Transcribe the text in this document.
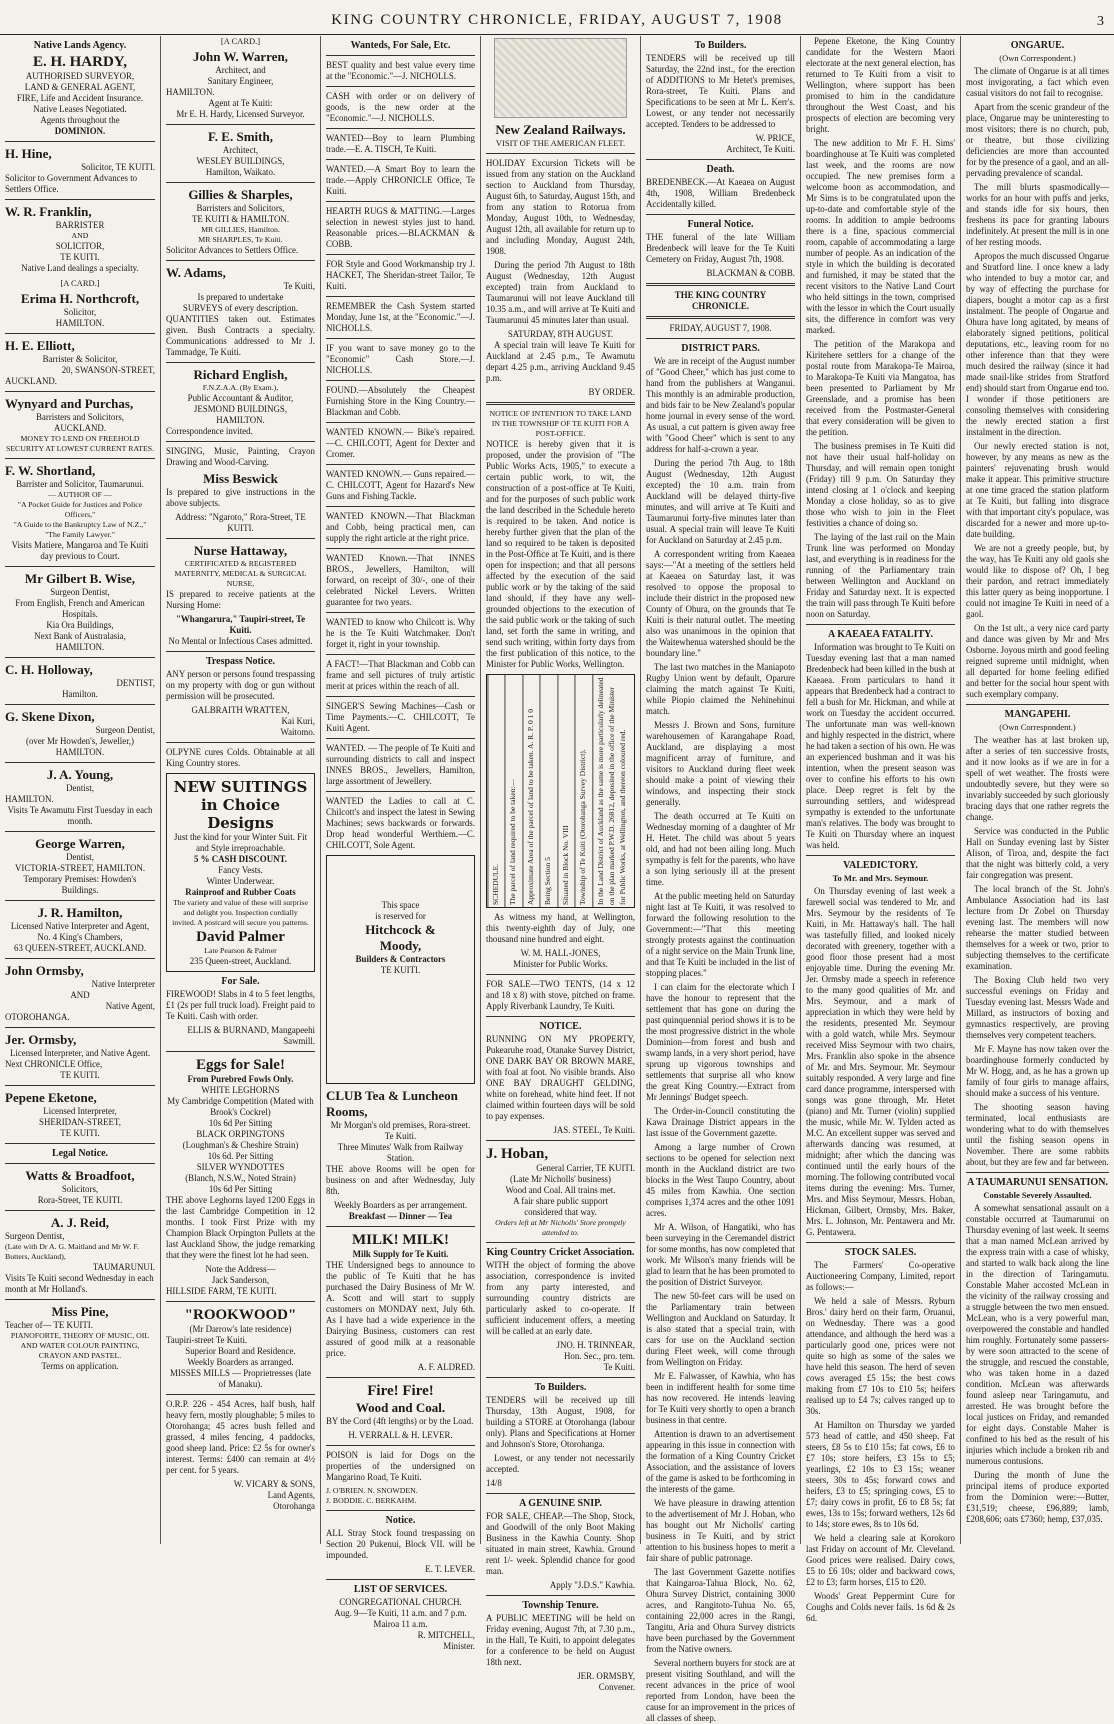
KING COUNTRY CHRONICLE, FRIDAY, AUGUST 7, 1908	3
Native Lands Agency.
E. H. HARDY,
AUTHORISED SURVEYOR,
LAND & GENERAL AGENT,
FIRE, Life and Accident Insurance.
Native Leases Negotiated.
Agents throughout the
DOMINION.
H. Hine,
Solicitor, TE KUITI.
Solicitor to Government Advances to Settlers Office.
W. R. Franklin,
BARRISTER
AND
SOLICITOR,
TE KUITI.
Native Land dealings a specialty.
[A CARD.]
Erima H. Northcroft,
Solicitor,
HAMILTON.
H. E. Elliott,
Barrister & Solicitor,
20, SWANSON-STREET,
AUCKLAND.
Wynyard and Purchas,
Barristers and Solicitors,
AUCKLAND.
MONEY TO LEND ON FREEHOLD SECURITY AT LOWEST CURRENT RATES.
F. W. Shortland,
Barrister and Solicitor, Taumarunui.
— AUTHOR OF —
"A Pocket Guide for Justices and Police Officers,"
"A Guide to the Bankruptcy Law of N.Z.,"
"The Family Lawyer."
Visits Matiere, Mangaroa and Te Kuiti day previous to Court.
Mr Gilbert B. Wise,
Surgeon Dentist,
From English, French and American Hospitals.
Kia Ora Buildings,
Next Bank of Australasia,
HAMILTON.
C. H. Holloway,
DENTIST,
Hamilton.
G. Skene Dixon,
Surgeon Dentist,
(over Mr Howden's, Jeweller,)
HAMILTON.
J. A. Young,
Dentist,
HAMILTON.
Visits Te Awamutu First Tuesday in each month.
George Warren,
Dentist,
VICTORIA-STREET, HAMILTON.
Temporary Premises: Howden's Buildings.
J. R. Hamilton,
Licensed Native Interpreter and Agent,
No. 4 King's Chambers,
63 QUEEN-STREET, AUCKLAND.
John Ormsby,
Native Interpreter
AND
Native Agent,
OTOROHANGA.
Jer. Ormsby,
Licensed Interpreter, and Native Agent.
Next CHRONICLE Office,
TE KUITI.
Pepene Eketone,
Licensed Interpreter,
SHERIDAN-STREET,
TE KUITI.
Legal Notice.
Watts & Broadfoot,
Solicitors,
Rora-Street, TE KUITI.
A. J. Reid,
Surgeon Dentist,
(Late with Dr A. G. Maitland and Mr W. F. Butters, Auckland),
TAUMARUNUI.
Visits Te Kuiti second Wednesday in each month at Mr Holland's.
Miss Pine,
Teacher of— TE KUITI.
PIANOFORTE, THEORY OF MUSIC, OIL AND WATER COLOUR PAINTING, CRAYON AND PASTEL.
Terms on application.
[A CARD.]
John W. Warren,
Architect, and
Sanitary Engineer,
HAMILTON.
Agent at Te Kuiti:
Mr E. H. Hardy, Licensed Surveyor.
F. E. Smith,
Architect,
WESLEY BUILDINGS,
Hamilton, Waikato.
Gillies & Sharples,
Barristers and Solicitors,
TE KUITI & HAMILTON.
MR GILLIES, Hamilton.
MR SHARPLES, Te Kuiti.
Solicitor Advances to Settlers Office.
W. Adams,
Te Kuiti,
Is prepared to undertake
SURVEYS of every description.

QUANTITIES taken out. Estimates given. Bush Contracts a specialty. Communications addressed to Mr J. Tammadge, Te Kuiti.

Richard English,
F.N.Z.A.A. (By Exam.),
Public Accountant & Auditor,
JESMOND BUILDINGS,
HAMILTON.
Correspondence invited.

SINGING, Music, Painting, Crayon Drawing and Wood-Carving.

Miss Beswick

Is prepared to give instructions in the above subjects.

Address: "Ngaroto," Rora-Street, TE KUITI.
Nurse Hattaway,
CERTIFICATED & REGISTERED MATERNITY, MEDICAL & SURGICAL NURSE,

IS prepared to receive patients at the Nursing Home:

"Whangarura," Taupiri-street, Te Kuiti.
No Mental or Infectious Cases admitted.
Trespass Notice.

ANY person or persons found trespassing on my property with dog or gun without permission will be prosecuted.

GALBRAITH WRATTEN,
Kai Kuri,
Waitomo.

OLPYNE cures Colds. Obtainable at all King Country stores.

NEW SUITINGS in Choice Designs
Just the kind for your Winter Suit. Fit and Style irreproachable.
5 % CASH DISCOUNT.
Fancy Vests.
Winter Underwear.
Rainproof and Rubber Coats
The variety and value of these will surprise and delight you. Inspection cordially invited. A postcard will secure you patterns.
David Palmer
Late Pearson & Palmer
235 Queen-street, Auckland.
For Sale.

FIREWOOD! Slabs in 4 to 5 feet lengths, £1 (2s per full truck load). Freight paid to Te Kuiti. Cash with order.

ELLIS & BURNAND, Mangapeehi Sawmill.
Eggs for Sale!
From Purebred Fowls Only.
WHITE LEGHORNS
My Cambridge Competition (Mated with Brook's Cockrel)
10s 6d Per Sitting
BLACK ORPINGTONS
(Loughman's & Cheshire Strain)
10s 6d. Per Sitting
SILVER WYNDOTTES
(Blanch, N.S.W., Noted Strain)
10s 6d Per Sitting

THE above Leghorns layed 1200 Eggs in the last Cambridge Competition in 12 months. I took First Prize with my Champion Black Orpington Pullets at the last Auckland Show, the judge remarking that they were the finest lot he had seen.

Note the Address—
Jack Sanderson,
HILLSIDE FARM, TE KUITI.
"ROOKWOOD"
(Mr Darrow's late residence)
Taupiri-street Te Kuiti.
Superior Board and Residence.
Weekly Boarders as arranged.
MISSES MILLS — Proprietresses (late of Manaku).

O.R.P. 226 - 454 Acres, half bush, half heavy fern, mostly ploughable; 5 miles to Otorohanga; 45 acres bush felled and grassed, 4 miles fencing, 4 paddocks, good sheep land. Price: £2 5s for owner's interest. Terms: £400 can remain at 4½ per cent. for 5 years.

W. VICARY & SONS,
Land Agents,
Otorohanga
Wanteds, For Sale, Etc.

BEST quality and best value every time at the "Economic."—J. NICHOLLS.

CASH with order or on delivery of goods, is the new order at the "Economic."—J. NICHOLLS.

WANTED—Boy to learn Plumbing trade.—E. A. TISCH, Te Kuiti.

WANTED.—A Smart Boy to learn the trade.—Apply CHRONICLE Office, Te Kuiti.

HEARTH RUGS & MATTING.—Larges selection in newest styles just to hand. Reasonable prices.—BLACKMAN & COBB.

FOR Style and Good Workmanship try J. HACKET, The Sheridan-street Tailor, Te Kuiti.

REMEMBER the Cash System started Monday, June 1st, at the "Economic."—J. NICHOLLS.

IF you want to save money go to the "Economic" Cash Store.—J. NICHOLLS.

FOUND.—Absolutely the Cheapest Furnishing Store in the King Country.—Blackman and Cobb.

WANTED KNOWN.— Bike's repaired.—C. CHILCOTT, Agent for Dexter and Cromer.

WANTED KNOWN.— Guns repaired.—C. CHILCOTT, Agent for Hazard's New Guns and Fishing Tackle.

WANTED KNOWN.—That Blackman and Cobb, being practical men, can supply the right article at the right price.

WANTED Known.—That INNES BROS., Jewellers, Hamilton, will forward, on receipt of 30/-, one of their celebrated Nickel Levers. Written guarantee for two years.

WANTED to know who Chilcott is. Why he is the Te Kuiti Watchmaker. Don't forget it, right in your township.

A FACT!—That Blackman and Cobb can frame and sell pictures of truly artistic merit at prices within the reach of all.

SINGER'S Sewing Machines—Cash or Time Payments.—C. CHILCOTT, Te Kuiti Agent.

WANTED. — The people of Te Kuiti and surrounding districts to call and inspect INNES BROS., Jewellers, Hamilton, large assortment of Jewellery.

WANTED the Ladies to call at C. Chilcott's and inspect the latest in Sewing Machines; sews backwards or forwards. Drop head wonderful Werthiem.—C. CHILCOTT, Sole Agent.

This space
is reserved for
Hitchcock &
Moody,
Builders & Contractors
TE KUITI.
CLUB Tea & Luncheon Rooms,
Mr Morgan's old premises, Rora-street. Te Kuiti.
Three Minutes' Walk from Railway Station.

THE above Rooms will be open for business on and after Wednesday, July 8th.

Weekly Boarders as per arrangement.
Breakfast — Dinner — Tea
MILK! MILK!
Milk Supply for Te Kuiti.

THE Undersigned begs to announce to the public of Te Kuiti that he has purchased the Dairy Business of Mr W. A. Scott and will start to supply customers on MONDAY next, July 6th. As I have had a wide experience in the Dairying Business, customers can rest assured of good milk at a reasonable price.

A. F. ALDRED.
Fire! Fire!
Wood and Coal.

BY the Cord (4ft lengths) or by the Load.

H. VERRALL & H. LEVER.

POISON is laid for Dogs on the properties of the undersigned on Mangarino Road, Te Kuiti.

J. O'BRIEN. N. SNOWDEN.
J. BODDIE. C. BERKAHM.
Notice.

ALL Stray Stock found trespassing on Section 20 Pukenui, Block VII. will be impounded.

E. T. LEVER.
LIST OF SERVICES.
CONGREGATIONAL CHURCH.
Aug. 9—Te Kuiti, 11 a.m. and 7 p.m.
Mairoa 11 a.m.
R. MITCHELL,
Minister.
New Zealand Railways.
VISIT OF THE AMERICAN FLEET.

HOLIDAY Excursion Tickets will be issued from any station on the Auckland section to Auckland from Thursday, August 6th, to Saturday, August 15th, and from any station to Rotorua from Monday, August 10th, to Wednesday, August 12th, all available for return up to and including Monday, August 24th, 1908.

During the period 7th August to 18th August (Wednesday, 12th August excepted) train from Auckland to Taumarunui will not leave Auckland till 10.35 a.m., and will arrive at Te Kuiti and Taumarunui 45 minutes later than usual.

SATURDAY, 8TH AUGUST.

A special train will leave Te Kuiti for Auckland at 2.45 p.m., Te Awamutu depart 4.25 p.m., arriving Auckland 9.45 p.m.

BY ORDER.
NOTICE OF INTENTION TO TAKE LAND IN THE TOWNSHIP OF TE KUITI FOR A POST-OFFICE.

NOTICE is hereby given that it is proposed, under the provision of "The Public Works Acts, 1905," to execute a certain public work, to wit, the construction of a post-office at Te Kuiti, and for the purposes of such public work the land described in the Schedule hereto is required to be taken. And notice is hereby further given that the plan of the land so required to be taken is deposited in the Post-Office at Te Kuiti, and is there open for inspection; and that all persons affected by the execution of the said public work or by the taking of the said land should, if they have any well-grounded objections to the execution of the said public work or the taking of such land, set forth the same in writing, and send such writing, within forty days from the first publication of this notice, to the Minister for Public Works, Wellington.

SCHEDULE.	The parcel of land required to be taken:—	Approximate Area of the parcel of land to be taken. A. R. P. 0 1 0	Being Section 5	Situated in Block No. VIII	Township of Te Kuiti (Otorohanga Survey District).	In the Land District of Auckland as the same is more particularly delineated on the plan marked P.W.D. 26812, deposited in the office of the Minister for Public Works, at Wellington, and thereon coloured red.

As witness my hand, at Wellington, this twenty-eighth day of July, one thousand nine hundred and eight.

W. M. HALL-JONES,
Minister for Public Works.

FOR SALE—TWO TENTS, (14 x 12 and 18 x 8) with stove, pitched on frame. Apply Riverbank Laundry, Te Kuiti.

NOTICE.

RUNNING ON MY PROPERTY, Pukearuhe road, Otanake Survey District, ONE DARK BAY OR BROWN MARE, with foal at foot. No visible brands. Also ONE BAY DRAUGHT GELDING, white on forehead, white hind feet. If not claimed within fourteen days will be sold to pay expenses.

JAS. STEEL, Te Kuiti.
J. Hoban,
General Carrier, TE KUITI.
(Late Mr Nicholls' business)
Wood and Coal. All trains met.
A fair share public support
considered that way.
Orders left at Mr Nicholls' Store promptly attended to.
King Country Cricket Association.

WITH the object of forming the above association, correspondence is invited from any party interested, and surrounding country districts are particularly asked to co-operate. If sufficient inducement offers, a meeting will be called at an early date.

JNO. H. TRINNEAR,
Hon. Sec., pro. tem.
Te Kuiti.
To Builders.

TENDERS will be received up till Thursday, 13th August, 1908, for building a STORE at Otorohanga (labour only). Plans and Specifications at Horner and Johnson's Store, Otorohanga.

Lowest, or any tender not necessarily accepted.

14/8
A GENUINE SNIP.

FOR SALE, CHEAP.—The Shop, Stock, and Goodwill of the only Boot Making Business in the Kawhia County. Shop situated in main street, Kawhia. Ground rent 1/- week. Splendid chance for good man.

Apply "J.D.S." Kawhia.
Township Tenure.

A PUBLIC MEETING will be held on Friday evening, August 7th, at 7.30 p.m., in the Hall, Te Kuiti, to appoint delegates for a conference to be held on August 18th next.

JER. ORMSBY,
Convener.
To Builders.

TENDERS will be received up till Saturday, the 22nd inst., for the erection of ADDITIONS to Mr Hetet's premises, Rora-street, Te Kuiti. Plans and Specifications to be seen at Mr L. Kerr's. Lowest, or any tender not necessarily accepted. Tenders to be addressed to

W. PRICE,
Architect, Te Kuiti.
Death.

BREDENBECK.—At Kaeaea on August 4th, 1908, William Bredenbeck Accidentally killed.

Funeral Notice.

THE funeral of the late William Bredenbeck will leave for the Te Kuiti Cemetery on Friday, August 7th, 1908.

BLACKMAN & COBB.
THE KING COUNTRY CHRONICLE.
FRIDAY, AUGUST 7, 1908.
DISTRICT PARS.

We are in receipt of the August number of "Good Cheer," which has just come to hand from the publishers at Wanganui. This monthly is an admirable production, and bids fair to be New Zealand's popular home journal in every sense of the word. As usual, a cut pattern is given away free with "Good Cheer" which is sent to any address for half-a-crown a year.

During the period 7th Aug. to 18th August (Wednesday, 12th August excepted) the 10 a.m. train from Auckland will be delayed thirty-five minutes, and will arrive at Te Kuiti and Taumarunui forty-five minutes later than usual. A special train will leave Te Kuiti for Auckland on Saturday at 2.45 p.m.

A correspondent writing from Kaeaea says:—"At a meeting of the settlers held at Kaeaea on Saturday last, it was resolved to oppose the proposal to include their district in the proposed new County of Ohura, on the grounds that Te Kuiti is their natural outlet. The meeting also was unanimous in the opinion that the Waitewhenua watershed should be the boundary line."

The last two matches in the Maniapoto Rugby Union went by default, Oparure claiming the match against Te Kuiti, while Piopio claimed the Nehinehinui match.

Messrs J. Brown and Sons, furniture warehousemen of Karangahape Road, Auckland, are displaying a most magnificent array of furniture, and visitors to Auckland during fleet week should make a point of viewing their windows, and inspecting their stock generally.

The death occurred at Te Kuiti on Wednesday morning of a daughter of Mr H. Hetet. The child was about 5 years old, and had not been ailing long. Much sympathy is felt for the parents, who have a son lying seriously ill at the present time.

At the public meeting held on Saturday night last at Te Kuiti, it was resolved to forward the following resolution to the Government:—"That this meeting strongly protests against the continuation of a night service on the Main Trunk line, and that Te Kuiti be included in the list of stopping places."

I can claim for the electorate which I have the honour to represent that the settlement that has gone on during the past quinquennial period shows it is to be the most progressive district in the whole Dominion—from forest and bush and swamp lands, in a very short period, have sprung up vigorous townships and settlements that surprise all who know the great King Country.—Extract from Mr Jennings' Budget speech.

The Order-in-Council constituting the Kawa Drainage District appears in the last issue of the Government gazette.

Among a large number of Crown sections to be opened for selection next month in the Auckland district are two blocks in the West Taupo Country, about 45 miles from Kawhia. One section comprises 1,374 acres and the other 1091 acres.

Mr A. Wilson, of Hangatiki, who has been surveying in the Ceremandel district for some months, has now completed that work. Mr Wilson's many friends will be glad to learn that he has been promoted to the position of District Surveyor.

The new 50-feet cars will be used on the Parliamentary train between Wellington and Auckland on Saturday. It is also stated that a special train, with cars for use on the Auckland section during Fleet week, will come through from Wellington on Friday.

Mr E. Falwasser, of Kawhia, who has been in indifferent health for some time has now recovered. He intends leaving for Te Kuiti very shortly to open a branch business in that centre.

Attention is drawn to an advertisement appearing in this issue in connection with the formation of a King Country Cricket Association, and the assistance of lovers of the game is asked to be forthcoming in the interests of the game.

We have pleasure in drawing attention to the advertisement of Mr J. Hoban, who has bought out Mr Nicholls' carting business in Te Kuiti, and by strict attention to his business hopes to merit a fair share of public patronage.

The last Government Gazette notifies that Kaingaroa-Tahua Block, No. 62, Ohura Survey District, containing 3000 acres, and Rangitoto-Tuhua No. 65, containing 22,000 acres in the Rangi, Tangitu, Aria and Ohura Survey districts have been purchased by the Government from the Native owners.

Several northern buyers for stock are at present visiting Southland, and will the recent advances in the price of wool reported from London, have been the cause for an improvement in the prices of all classes of sheep.

Pepene Eketone, the King Country candidate for the Western Maori electorate at the next general election, has returned to Te Kuiti from a visit to Wellington, where support has been promised to him in the candidature throughout the West Coast, and his prospects of election are becoming very bright.

The new addition to Mr F. H. Sims' boardinghouse at Te Kuiti was completed last week, and the rooms are now occupied. The new premises form a welcome boon as accommodation, and Mr Sims is to be congratulated upon the up-to-date and comfortable style of the rooms. In addition to ample bedrooms there is a fine, spacious commercial room, capable of accommodating a large number of people. As an indication of the style in which the building is decorated and furnished, it may be stated that the recent visitors to the Native Land Court who held sittings in the town, comprised with the lessor in which the Court usually sits, the difference in comfort was very marked.

The petition of the Marakopa and Kiritehere settlers for a change of the postal route from Marakopa-Te Mairoa, to Marakopa-Te Kuiti via Mangatoa, has been presented to Parliament by Mr Greenslade, and a promise has been received from the Postmaster-General that every consideration will be given to the petition.

The business premises in Te Kuiti did not have their usual half-holiday on Thursday, and will remain open tonight (Friday) till 9 p.m. On Saturday they intend closing at 1 o'clock and keeping Monday a close holiday, so as to give those who wish to join in the Fleet festivities a chance of doing so.

The laying of the last rail on the Main Trunk line was performed on Monday last, and everything is in readiness for the running of the Parliamentary train between Wellington and Auckland on Friday and Saturday next. It is expected the train will pass through Te Kuiti before noon on Saturday.

A KAEAEA FATALITY.

Information was brought to Te Kuiti on Tuesday evening last that a man named Bredenbeck had been killed in the bush at Kaeaea. From particulars to hand it appears that Bredenbeck had a contract to fell a bush for Mr. Hickman, and while at work on Tuesday the accident occurred. The unfortunate man was well-known and highly respected in the district, where he had taken a section of his own. He was an experienced bushman and it was his intention, when the present season was over to confine his efforts to his own place. Deep regret is felt by the surrounding settlers, and widespread sympathy is extended to the unfortunate man's relatives. The body was brought to Te Kuiti on Thursday where an inquest was held.

VALEDICTORY.
To Mr. and Mrs. Seymour.

On Thursday evening of last week a farewell social was tendered to Mr. and Mrs. Seymour by the residents of Te Kuiti, in Mr. Hattaway's hall. The hall was tastefully filled, and looked nicely decorated with greenery, together with a good floor those present had a most enjoyable time. During the evening Mr. Jer. Ormsby made a speech in reference to the many good qualities of Mr. and Mrs. Seymour, and a mark of appreciation in which they were held by the residents, presented Mr. Seymour with a gold watch, while Mrs. Seymour received Miss Seymour with two chairs, Mrs. Franklin also spoke in the absence of Mr. and Mrs. Seymour. Mr. Seymour suitably responded. A very large and fine card dance programme, interspersed with songs was gone through, Mr. Hetet (piano) and Mr. Turner (violin) supplied the music, while Mr. W. Tylden acted as M.C. An excellent supper was served and afterwards dancing was resumed, at midnight; after which the dancing was continued until the early hours of the morning. The following contributed vocal items during the evening: Mrs. Turner, Mrs. and Miss Seymour, Messrs. Hoban, Hickman, Gilbert, Ormsby, Mrs. Baker, Mrs. L. Johnson, Mr. Pentawera and Mr. G. Pentawera.

STOCK SALES.

The Farmers' Co-operative Auctioneering Company, Limited, report as follows:—

We held a sale of Messrs. Ryburn Bros.' dairy herd on their farm, Oruanui, on Wednesday. There was a good attendance, and although the herd was a particularly good one, prices were not quite so high as some of the sales we have held this season. The herd of seven cows averaged £5 15s; the best cows making from £7 10s to £10 5s; heifers realised up to £4 7s; calves ranged up to 30s.

At Hamilton on Thursday we yarded 573 head of cattle, and 450 sheep. Fat steers, £8 5s to £10 15s; fat cows, £6 to £7 10s; store heifers, £3 15s to £5; yearlings, £2 10s to £3 15s; weaner steers, 30s to 45s; forward cows and heifers, £3 to £5; springing cows, £5 to £7; dairy cows in profit, £6 to £8 5s; fat ewes, 13s to 15s; forward wethers, 12s 6d to 14s; store ewes, 8s to 10s 6d.

We held a clearing sale at Korokoro last Friday on account of Mr. Cleveland. Good prices were realised. Dairy cows, £5 to £6 10s; older and backward cows, £2 to £3; farm horses, £15 to £20.

Woods' Great Peppermint Cure for Coughs and Colds never fails. 1s 6d & 2s 6d.

ONGARUE.
(Own Correspondent.)

The climate of Ongarue is at all times most invigorating, a fact which even casual visitors do not fail to recognise.

Apart from the scenic grandeur of the place, Ongarue may be uninteresting to most visitors; there is no church, pub, or theatre, but those civilizing deficiencies are more than accounted for by the presence of a gaol, and an all-pervading prevalence of scandal.

The mill blurts spasmodically— works for an hour with puffs and jerks, and stands idle for six hours, then freshens its pace for granting labours indefinitely. At present the mill is in one of her resting moods.

Apropos the much discussed Ongarue and Stratford line. I once knew a lady who intended to buy a motor car, and by way of effecting the purchase for diapers, bought a motor cap as a first instalment. The people of Ongarue and Ohura have long agitated, by means of elaborately signed petitions, political deputations, etc., leaving room for no other inference than that they were much desired the railway (since it had made snail-like strides from Stratford end) should start from Ongarue end too. I wonder if those petitioners are consoling themselves with considering the newly erected station a first instalment in the direction.

Our newly erected station is not, however, by any means as new as the painters' rejuvenating brush would make it appear. This primitive structure at one time graced the station platform at Te Kuiti, but falling into disgrace with that important city's populace, was discarded for a newer and more up-to-date building.

We are not a greedy people, but, by the way, has Te Kuiti any old gaols she would like to dispose of? Oh, I beg their pardon, and retract immediately this latter query as being inopportune. I could not imagine Te Kuiti in need of a gaol.

On the 1st ult., a very nice card party and dance was given by Mr and Mrs Osborne. Joyous mirth and good feeling reigned supreme until midnight, when all departed for home feeling edified and better for the social hour spent with such exemplary company.

MANGAPEHI.
(Own Correspondent.)

The weather has at last broken up, after a series of ten successive frosts, and it now looks as if we are in for a spell of wet weather. The frosts were undoubtedly severe, but they were so invariably succeeded by such gloriously bracing days that one rather regrets the change.

Service was conducted in the Public Hall on Sunday evening last by Sister Alison, of Tiroa, and, despite the fact that the night was bitterly cold, a very fair congregation was present.

The local branch of the St. John's Ambulance Association had its last lecture from Dr Zobel on Thursday evening last. The members will now rehearse the matter studied between themselves for a week or two, prior to subjecting themselves to the certificate examination.

The Boxing Club held two very successful evenings on Friday and Tuesday evening last. Messrs Wade and Millard, as instructors of boxing and gymnastics respectively, are proving themselves very competent teachers.

Mr F. Mayne has now taken over the boardinghouse formerly conducted by Mr W. Hogg, and, as he has a grown up family of four girls to manage affairs, should make a success of his venture.

The shooting season having terminated, local enthusiasts are wondering what to do with themselves until the fishing season opens in November. There are some rabbits about, but they are few and far between.

A TAUMARUNUI SENSATION.
Constable Severely Assaulted.

A somewhat sensational assault on a constable occurred at Taumarunui on Thursday evening of last week. It seems that a man named McLean arrived by the express train with a case of whisky, and started to walk back along the line in the direction of Taringamutu. Constable Maher accosted McLean in the vicinity of the railway crossing and a struggle between the two men ensued. McLean, who is a very powerful man, overpowered the constable and handled him roughly. Fortunately some passers-by were soon attracted to the scene of the struggle, and rescued the constable, who was taken home in a dazed condition. McLean was afterwards found asleep near Taringamutu, and arrested. He was brought before the local justices on Friday, and remanded for eight days. Constable Maher is confined to his bed as the result of his injuries which include a broken rib and numerous contusions.

During the month of June the principal items of produce exported from the Dominion were:—Butter, £31,519; cheese, £96,889; lamb, £208,606; oats £7360; hemp, £37,035.
